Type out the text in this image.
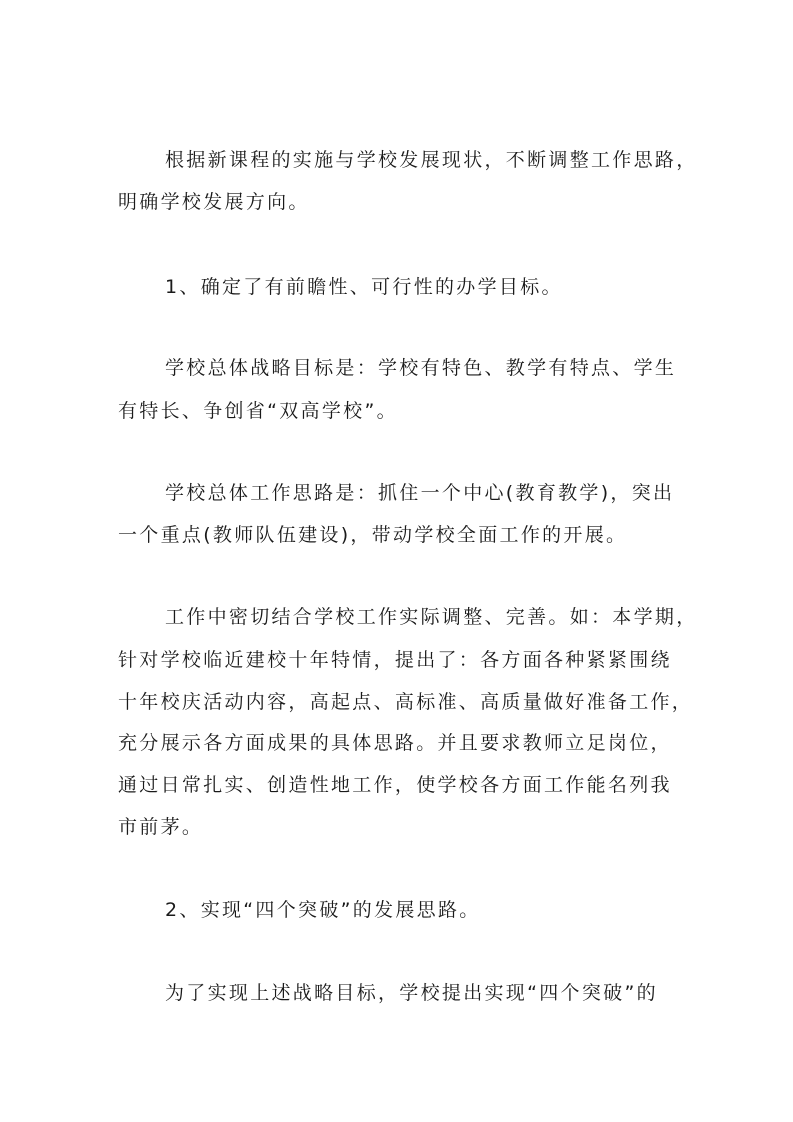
根据新课程的实施与学校发展现状，不断调整工作思路，
明确学校发展方向。
1、确定了有前瞻性、可行性的办学目标。
学校总体战略目标是：学校有特色、教学有特点、学生
有特长、争创省“双高学校”。
学校总体工作思路是：抓住一个中心(教育教学)，突出
一个重点(教师队伍建设)，带动学校全面工作的开展。
工作中密切结合学校工作实际调整、完善。如：本学期，
针对学校临近建校十年特情，提出了：各方面各种紧紧围绕
十年校庆活动内容，高起点、高标准、高质量做好准备工作，
充分展示各方面成果的具体思路。并且要求教师立足岗位，
通过日常扎实、创造性地工作，使学校各方面工作能名列我
市前茅。
2、实现“四个突破”的发展思路。
为了实现上述战略目标，学校提出实现“四个突破”的
